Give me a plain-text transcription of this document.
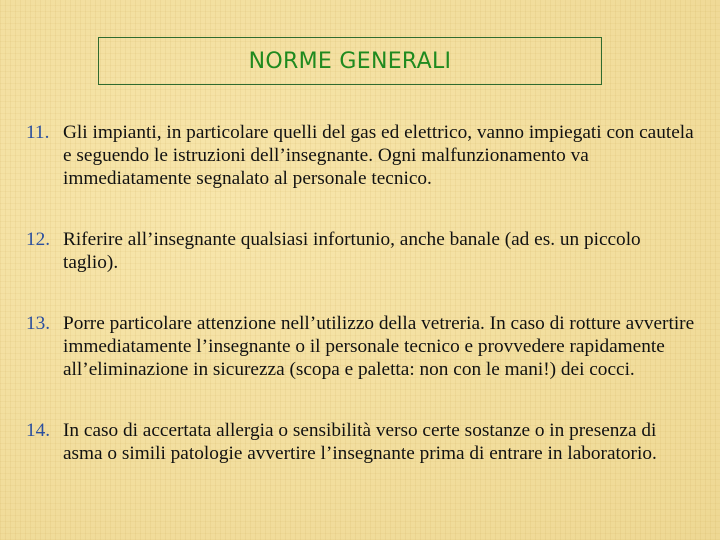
NORME GENERALI
11. Gli impianti, in particolare quelli del gas ed elettrico, vanno impiegati con cautela e seguendo le istruzioni dell’insegnante. Ogni malfunzionamento va immediatamente segnalato al personale tecnico.
12. Riferire all’insegnante qualsiasi infortunio, anche banale (ad es. un piccolo taglio).
13. Porre particolare attenzione nell’utilizzo della vetreria. In caso di rotture avvertire immediatamente l’insegnante o il personale tecnico e provvedere rapidamente all’eliminazione in sicurezza (scopa e paletta: non con le mani!) dei cocci.
14. In caso di accertata allergia o sensibilità verso certe sostanze o in presenza di asma o simili patologie avvertire l’insegnante prima di entrare in laboratorio.
